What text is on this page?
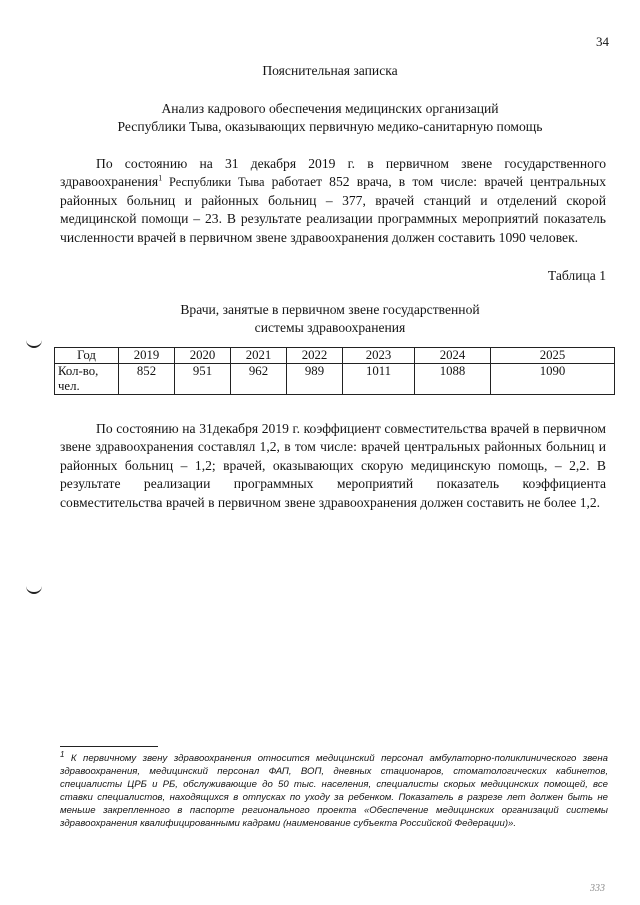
34
Пояснительная записка
Анализ кадрового обеспечения медицинских организаций
Республики Тыва, оказывающих первичную медико-санитарную помощь
По состоянию на 31 декабря 2019 г. в первичном звене государственного здравоохранения$^1$ Республики Тыва работает 852 врача, в том числе: врачей центральных районных больниц и районных больниц – 377, врачей станций и отделений скорой медицинской помощи – 23. В результате реализации программных мероприятий показатель численности врачей в первичном звене здравоохранения должен составить 1090 человек.
Таблица 1
Врачи, занятые в первичном звене государственной
системы здравоохранения
Год	2019	2020	2021	2022	2023	2024	2025

Кол-во,
чел.	852	951	962	989	1011	1088	1090
По состоянию на 31декабря 2019 г. коэффициент совместительства врачей в первичном звене здравоохранения составлял 1,2, в том числе: врачей центральных районных больниц и районных больниц – 1,2; врачей, оказывающих скорую медицинскую помощь, – 2,2. В результате реализации программных мероприятий показатель коэффициента совместительства врачей в первичном звене здравоохранения должен составить не более 1,2.
$^1$ К первичному звену здравоохранения относится медицинский персонал амбулаторно-поликлинического звена здравоохранения, медицинский персонал ФАП, ВОП, дневных стационаров, стоматологических кабинетов, специалисты ЦРБ и РБ, обслуживающие до 50 тыс. населения, специалисты скорых медицинских помощей, все ставки специалистов, находящихся в отпусках по уходу за ребенком. Показатель в разрезе лет должен быть не меньше закрепленного в паспорте регионального проекта «Обеспечение медицинских организаций системы здравоохранения квалифицированными кадрами (наименование субъекта Российской Федерации)».
333
